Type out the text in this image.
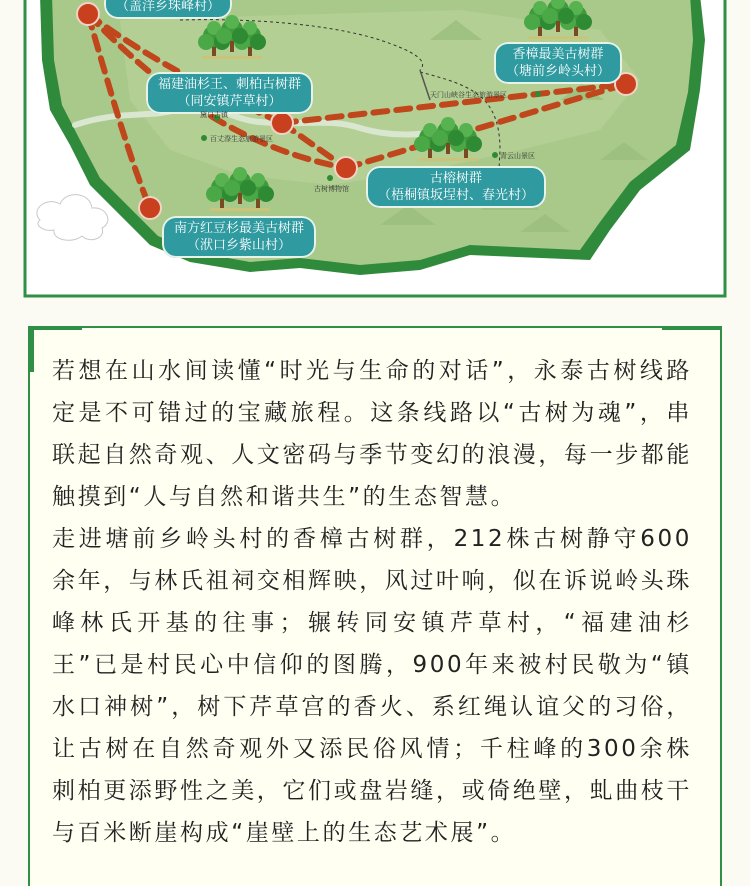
（盖洋乡珠峰村）
福建油杉王、刺柏古树群
（同安镇芹草村）
香樟最美古树群
（塘前乡岭头村）
古榕树群
（梧桐镇坂埕村、春光村）
南方红豆杉最美古树群
（洑口乡紫山村）
天门山峡谷生态旅游景区
黛口古镇
百丈漈生态旅游景区
古树博物馆
青云山景区

若想在山水间读懂“时光与生命的对话”，永泰古树线路定是不可错过的宝藏旅程。这条线路以“古树为魂”，串联起自然奇观、人文密码与季节变幻的浪漫，每一步都能触摸到“人与自然和谐共生”的生态智慧。

走进塘前乡岭头村的香樟古树群，212株古树静守600余年，与林氏祖祠交相辉映，风过叶响，似在诉说岭头珠峰林氏开基的往事；辗转同安镇芹草村，“福建油杉王”已是村民心中信仰的图腾，900年来被村民敬为“镇水口神树”，树下芹草宫的香火、系红绳认谊父的习俗，让古树在自然奇观外又添民俗风情；千柱峰的300余株刺柏更添野性之美，它们或盘岩缝，或倚绝壁，虬曲枝干与百米断崖构成“崖壁上的生态艺术展”。
